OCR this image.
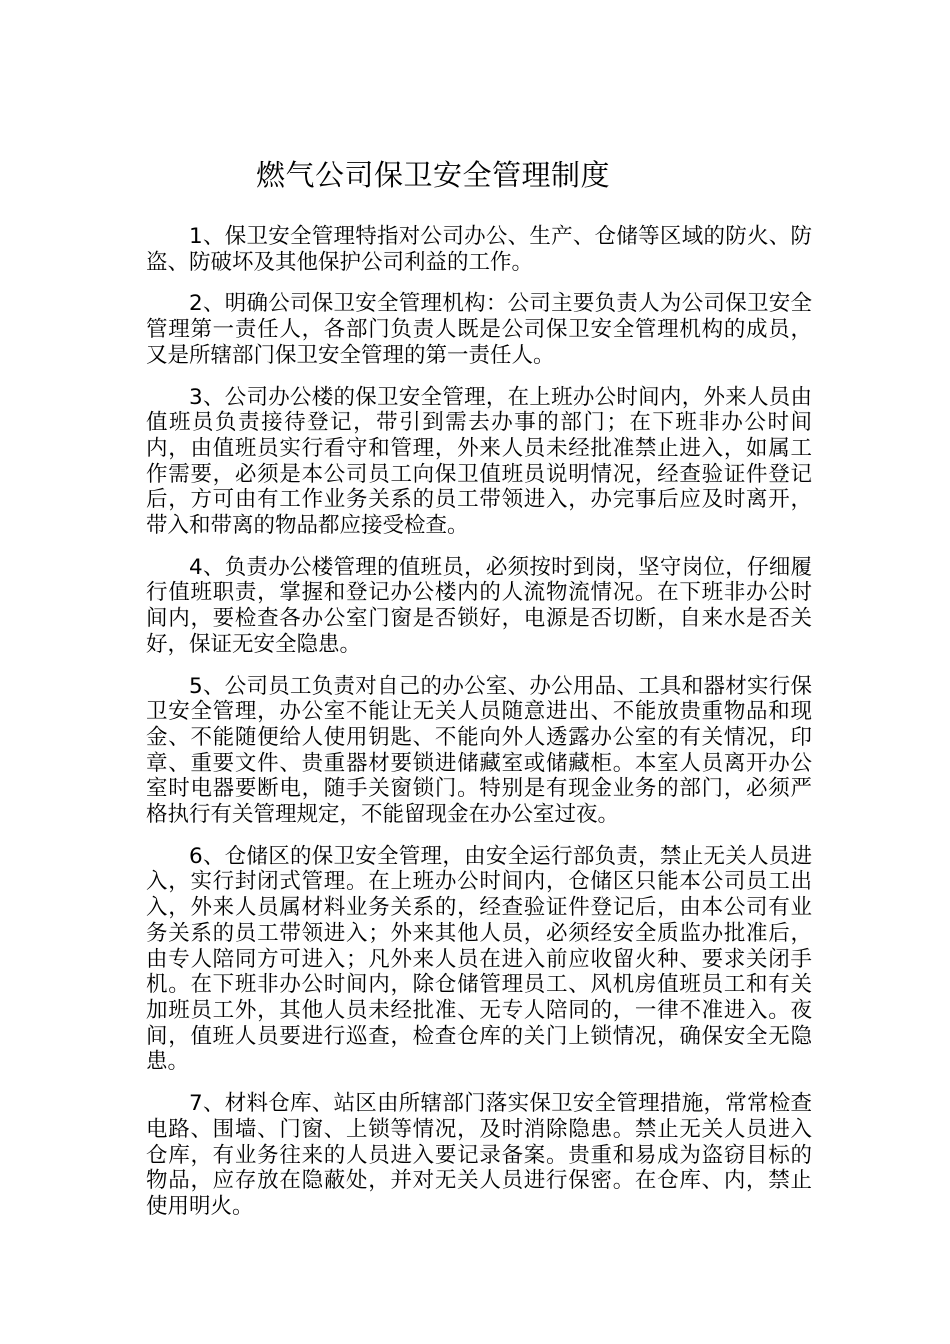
燃气公司保卫安全管理制度

1、保卫安全管理特指对公司办公、生产、仓储等区域的防火、防盗、防破坏及其他保护公司利益的工作。

2、明确公司保卫安全管理机构：公司主要负责人为公司保卫安全管理第一责任人，各部门负责人既是公司保卫安全管理机构的成员，又是所辖部门保卫安全管理的第一责任人。

3、公司办公楼的保卫安全管理，在上班办公时间内，外来人员由值班员负责接待登记，带引到需去办事的部门；在下班非办公时间内，由值班员实行看守和管理，外来人员未经批准禁止进入，如属工作需要，必须是本公司员工向保卫值班员说明情况，经查验证件登记后，方可由有工作业务关系的员工带领进入，办完事后应及时离开，带入和带离的物品都应接受检查。

4、负责办公楼管理的值班员，必须按时到岗，坚守岗位，仔细履行值班职责，掌握和登记办公楼内的人流物流情况。在下班非办公时间内，要检查各办公室门窗是否锁好，电源是否切断，自来水是否关好，保证无安全隐患。

5、公司员工负责对自己的办公室、办公用品、工具和器材实行保卫安全管理，办公室不能让无关人员随意进出、不能放贵重物品和现金、不能随便给人使用钥匙、不能向外人透露办公室的有关情况，印章、重要文件、贵重器材要锁进储藏室或储藏柜。本室人员离开办公室时电器要断电，随手关窗锁门。特别是有现金业务的部门，必须严格执行有关管理规定，不能留现金在办公室过夜。

6、仓储区的保卫安全管理，由安全运行部负责，禁止无关人员进入，实行封闭式管理。在上班办公时间内，仓储区只能本公司员工出入，外来人员属材料业务关系的，经查验证件登记后，由本公司有业务关系的员工带领进入；外来其他人员，必须经安全质监办批准后，由专人陪同方可进入；凡外来人员在进入前应收留火种、要求关闭手机。在下班非办公时间内，除仓储管理员工、风机房值班员工和有关加班员工外，其他人员未经批准、无专人陪同的，一律不准进入。夜间，值班人员要进行巡查，检查仓库的关门上锁情况，确保安全无隐患。

7、材料仓库、站区由所辖部门落实保卫安全管理措施，常常检查电路、围墙、门窗、上锁等情况，及时消除隐患。禁止无关人员进入仓库，有业务往来的人员进入要记录备案。贵重和易成为盗窃目标的物品，应存放在隐蔽处，并对无关人员进行保密。在仓库、内，禁止使用明火。
